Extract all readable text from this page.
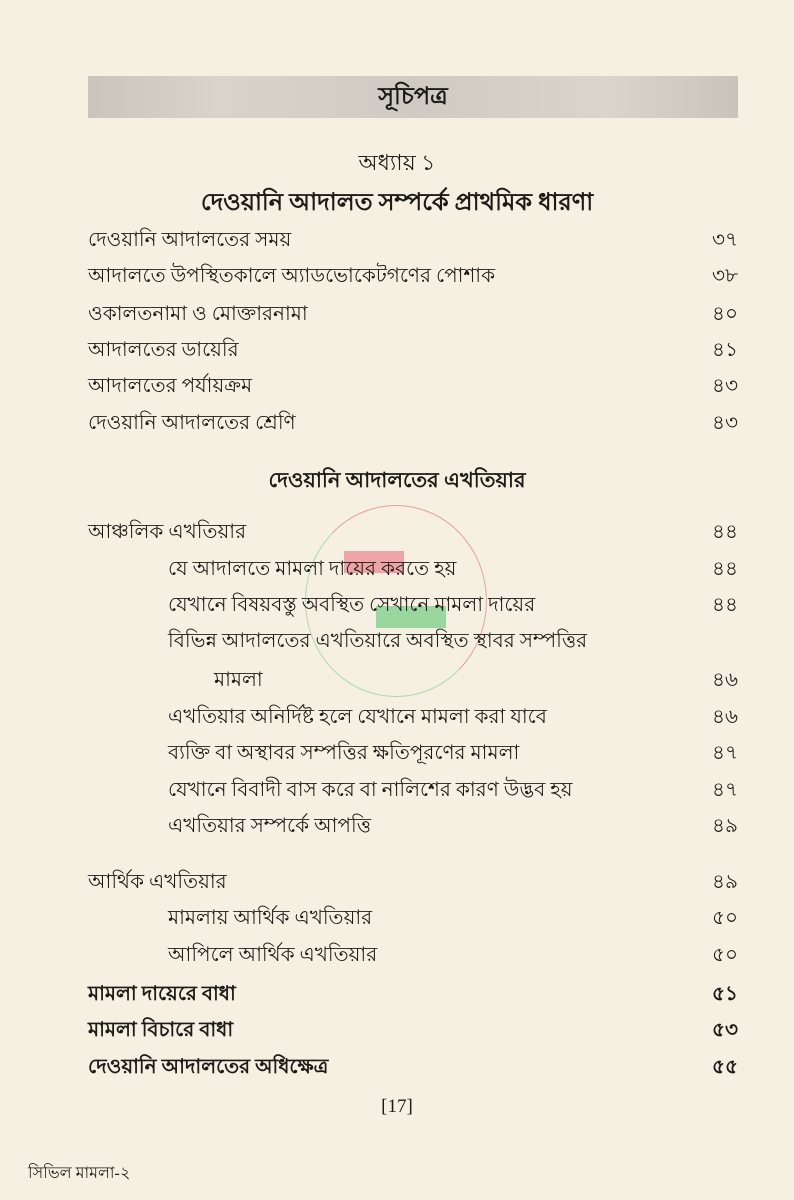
সূচিপত্র
অধ্যায় ১
দেওয়ানি আদালত সম্পর্কে প্রাথমিক ধারণা
দেওয়ানি আদালতের সময়	৩৭
আদালতে উপস্থিতকালে অ্যাডভোকেটগণের পোশাক	৩৮
ওকালতনামা ও মোক্তারনামা	৪০
আদালতের ডায়েরি	৪১
আদালতের পর্যায়ক্রম	৪৩
দেওয়ানি আদালতের শ্রেণি	৪৩
দেওয়ানি আদালতের এখতিয়ার
আঞ্চলিক এখতিয়ার	৪৪
যে আদালতে মামলা দায়ের করতে হয়	৪৪
যেখানে বিষয়বস্তু অবস্থিত সেখানে মামলা দায়ের	৪৪
বিভিন্ন আদালতের এখতিয়ারে অবস্থিত স্থাবর সম্পত্তির
মামলা	৪৬
এখতিয়ার অনির্দিষ্ট হলে যেখানে মামলা করা যাবে	৪৬
ব্যক্তি বা অস্থাবর সম্পত্তির ক্ষতিপূরণের মামলা	৪৭
যেখানে বিবাদী বাস করে বা নালিশের কারণ উদ্ভব হয়	৪৭
এখতিয়ার সম্পর্কে আপত্তি	৪৯
আর্থিক এখতিয়ার	৪৯
মামলায় আর্থিক এখতিয়ার	৫০
আপিলে আর্থিক এখতিয়ার	৫০
মামলা দায়েরে বাধা	৫১
মামলা বিচারে বাধা	৫৩
দেওয়ানি আদালতের অধিক্ষেত্র	৫৫
[17]
সিভিল মামলা-২
